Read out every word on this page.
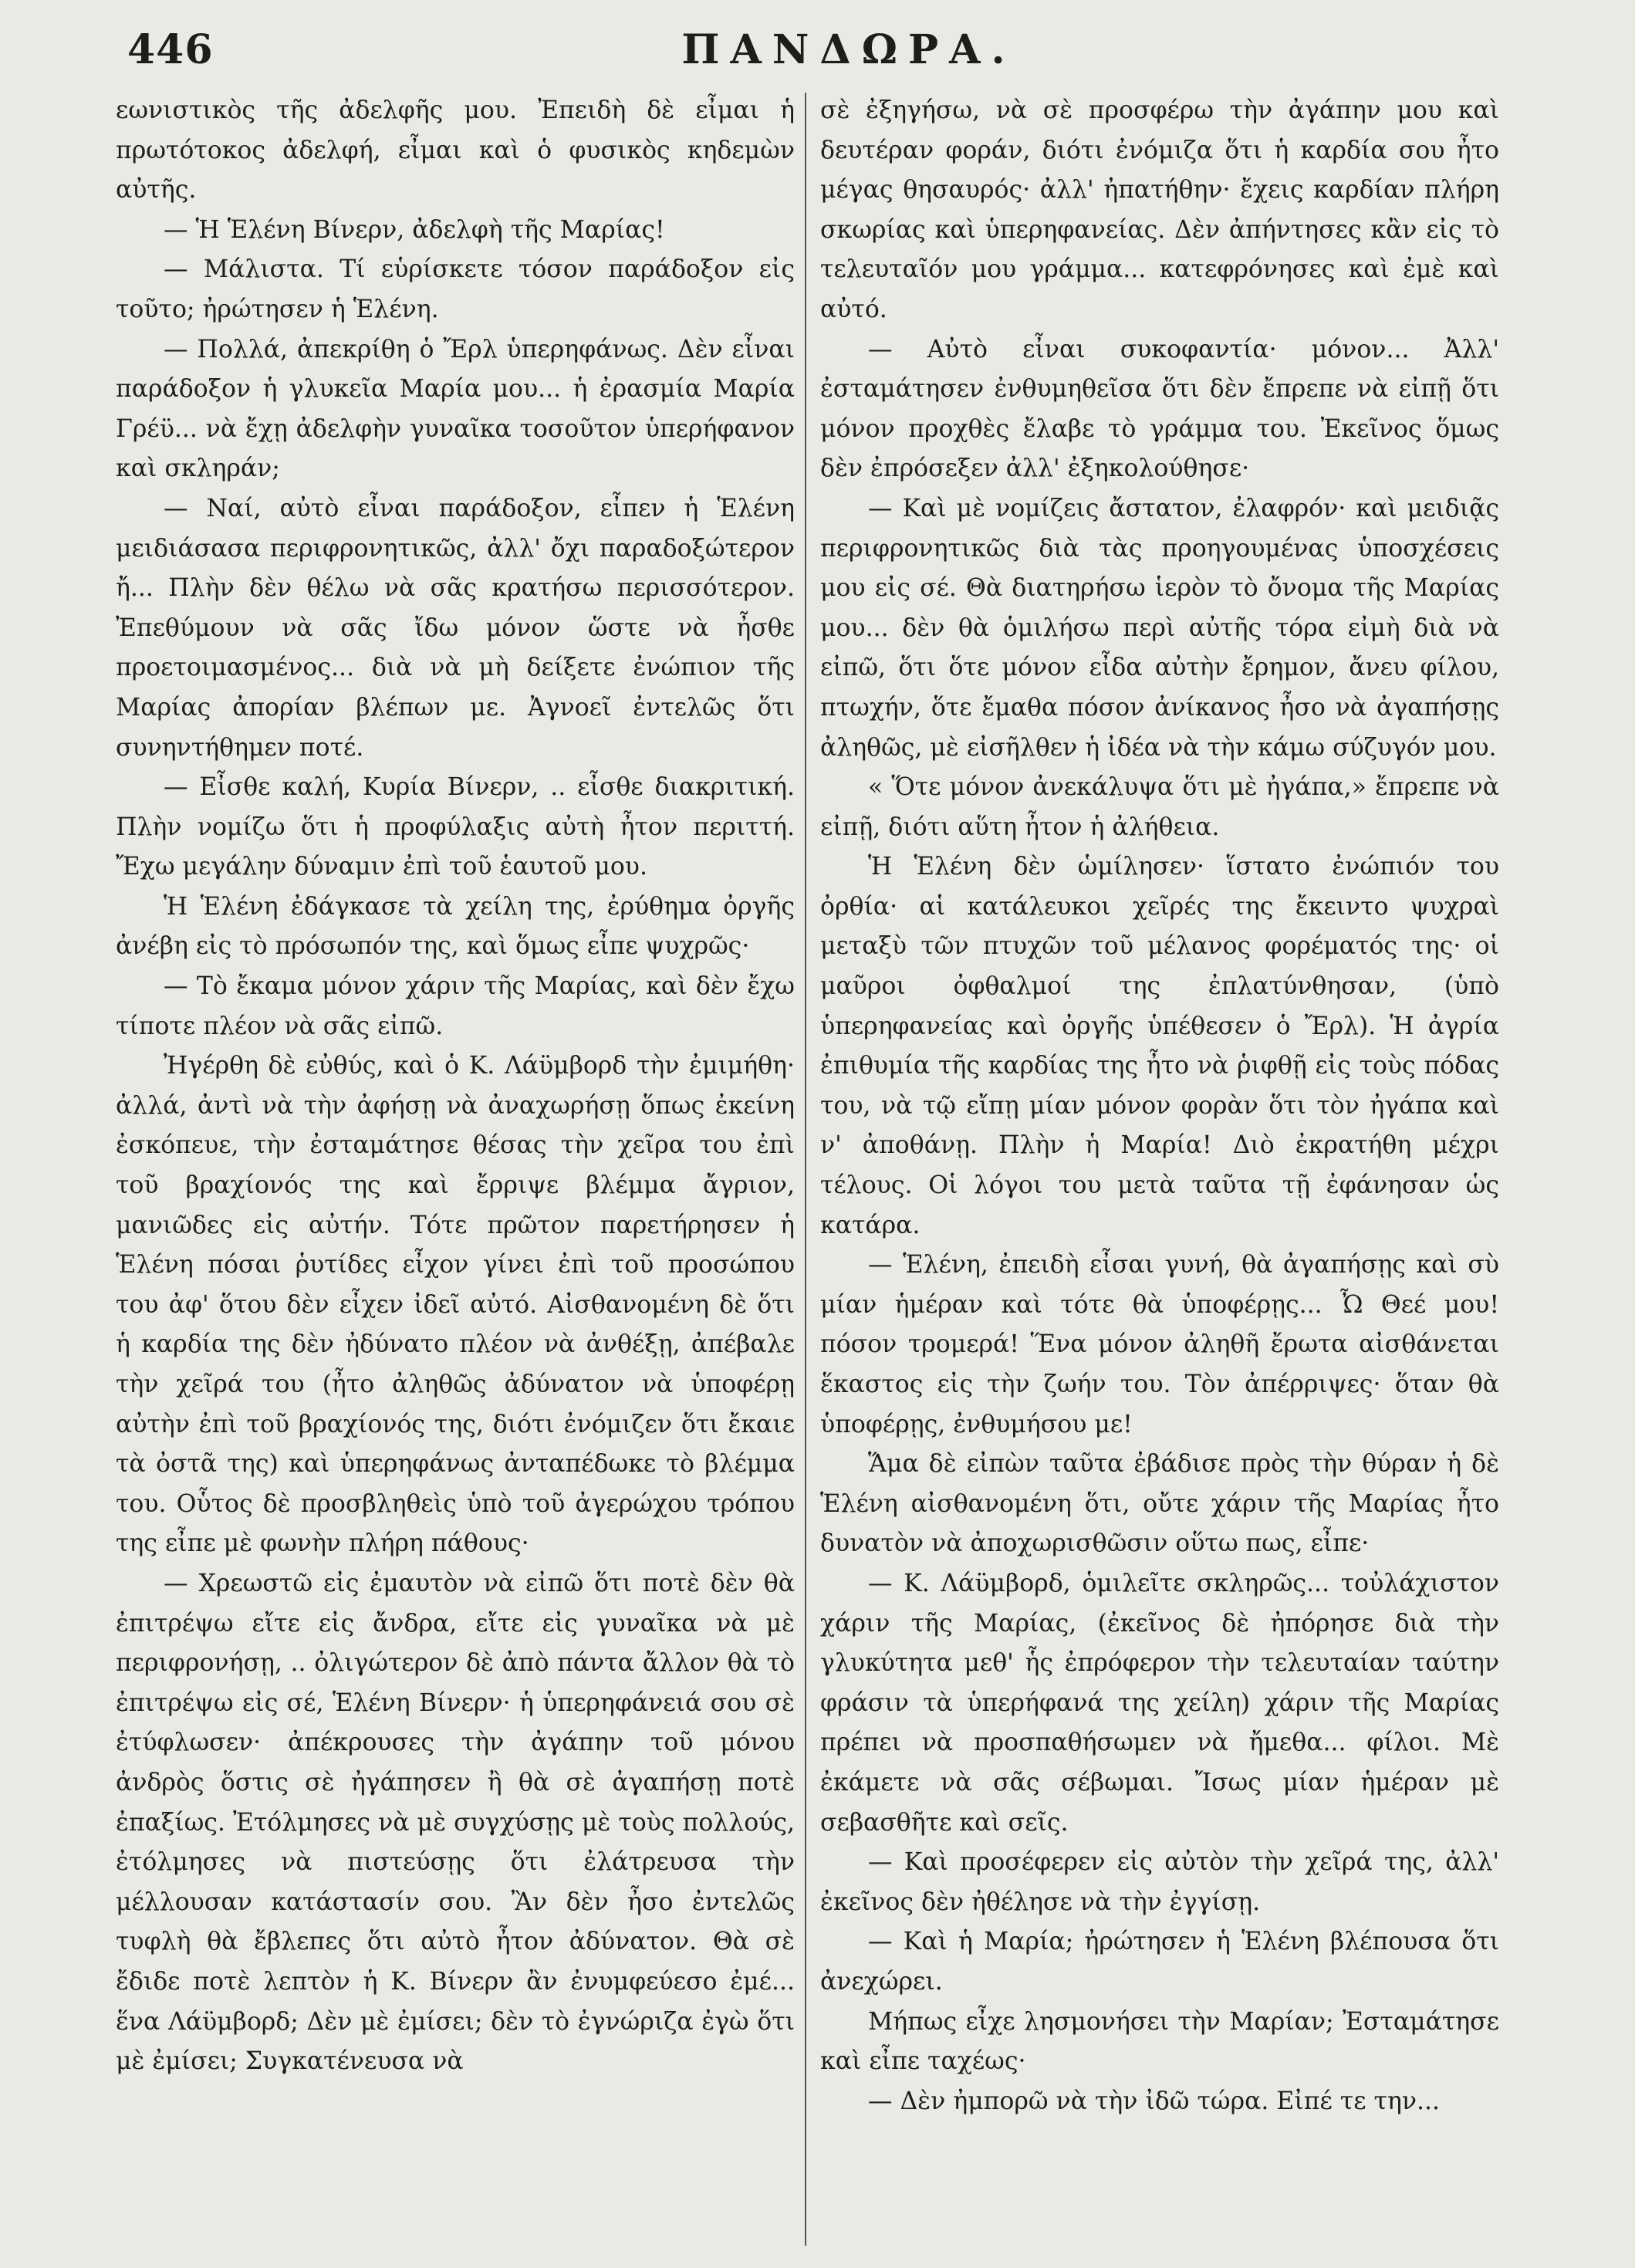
446	ΠΑΝΔΩΡΑ.

εωνιστικὸς τῆς ἀδελφῆς μου. Ἐπειδὴ δὲ εἶμαι ἡ πρωτότοκος ἀδελφή, εἶμαι καὶ ὁ φυσικὸς κηδεμὼν αὐτῆς.

— Ἡ Ἑλένη Βίνερν, ἀδελφὴ τῆς Μαρίας!

— Μάλιστα. Τί εὑρίσκετε τόσον παράδοξον εἰς τοῦτο; ἠρώτησεν ἡ Ἑλένη.

— Πολλά, ἀπεκρίθη ὁ Ἔρλ ὑπερηφάνως. Δὲν εἶναι παράδοξον ἡ γλυκεῖα Μαρία μου... ἡ ἐρασμία Μαρία Γρέϋ... νὰ ἔχῃ ἀδελφὴν γυναῖκα τοσοῦτον ὑπερήφανον καὶ σκληράν;

— Ναί, αὐτὸ εἶναι παράδοξον, εἶπεν ἡ Ἑλένη μειδιάσασα περιφρονητικῶς, ἀλλ' ὄχι παραδοξώτερον ἤ... Πλὴν δὲν θέλω νὰ σᾶς κρατήσω περισσότερον. Ἐπεθύμουν νὰ σᾶς ἴδω μόνον ὥστε νὰ ἦσθε προετοιμασμένος... διὰ νὰ μὴ δείξετε ἐνώπιον τῆς Μαρίας ἀπορίαν βλέπων με. Ἀγνοεῖ ἐντελῶς ὅτι συνηντήθημεν ποτέ.

— Εἶσθε καλή, Κυρία Βίνερν, .. εἶσθε διακριτική. Πλὴν νομίζω ὅτι ἡ προφύλαξις αὐτὴ ἦτον περιττή. Ἔχω μεγάλην δύναμιν ἐπὶ τοῦ ἑαυτοῦ μου.

Ἡ Ἑλένη ἐδάγκασε τὰ χείλη της, ἐρύθημα ὀργῆς ἀνέβη εἰς τὸ πρόσωπόν της, καὶ ὅμως εἶπε ψυχρῶς·

— Τὸ ἔκαμα μόνον χάριν τῆς Μαρίας, καὶ δὲν ἔχω τίποτε πλέον νὰ σᾶς εἰπῶ.

Ἠγέρθη δὲ εὐθύς, καὶ ὁ Κ. Λάϋμβορδ τὴν ἐμιμήθη· ἀλλά, ἀντὶ νὰ τὴν ἀφήσῃ νὰ ἀναχωρήσῃ ὅπως ἐκείνη ἐσκόπευε, τὴν ἐσταμάτησε θέσας τὴν χεῖρα του ἐπὶ τοῦ βραχίονός της καὶ ἔρριψε βλέμμα ἄγριον, μανιῶδες εἰς αὐτήν. Τότε πρῶτον παρετήρησεν ἡ Ἑλένη πόσαι ῥυτίδες εἶχον γίνει ἐπὶ τοῦ προσώπου του ἀφ' ὅτου δὲν εἶχεν ἰδεῖ αὐτό. Αἰσθανομένη δὲ ὅτι ἡ καρδία της δὲν ἠδύνατο πλέον νὰ ἀνθέξῃ, ἀπέβαλε τὴν χεῖρά του (ἦτο ἀληθῶς ἀδύνατον νὰ ὑποφέρῃ αὐτὴν ἐπὶ τοῦ βραχίονός της, διότι ἐνόμιζεν ὅτι ἔκαιε τὰ ὀστᾶ της) καὶ ὑπερηφάνως ἀνταπέδωκε τὸ βλέμμα του. Οὗτος δὲ προσβληθεὶς ὑπὸ τοῦ ἀγερώχου τρόπου της εἶπε μὲ φωνὴν πλήρη πάθους·

— Χρεωστῶ εἰς ἐμαυτὸν νὰ εἰπῶ ὅτι ποτὲ δὲν θὰ ἐπιτρέψω εἴτε εἰς ἄνδρα, εἴτε εἰς γυναῖκα νὰ μὲ περιφρονήσῃ, .. ὀλιγώτερον δὲ ἀπὸ πάντα ἄλλον θὰ τὸ ἐπιτρέψω εἰς σέ, Ἑλένη Βίνερν· ἡ ὑπερηφάνειά σου σὲ ἐτύφλωσεν· ἀπέκρουσες τὴν ἀγάπην τοῦ μόνου ἀνδρὸς ὅστις σὲ ἠγάπησεν ἢ θὰ σὲ ἀγαπήσῃ ποτὲ ἐπαξίως. Ἐτόλμησες νὰ μὲ συγχύσῃς μὲ τοὺς πολλούς, ἐτόλμησες νὰ πιστεύσῃς ὅτι ἐλάτρευσα τὴν μέλλουσαν κατάστασίν σου. Ἂν δὲν ἦσο ἐντελῶς τυφλὴ θὰ ἔβλεπες ὅτι αὐτὸ ἦτον ἀδύνατον. Θὰ σὲ ἔδιδε ποτὲ λεπτὸν ἡ Κ. Βίνερν ἂν ἐνυμφεύεσο ἐμέ... ἕνα Λάϋμβορδ; Δὲν μὲ ἐμίσει; δὲν τὸ ἐγνώριζα ἐγὼ ὅτι μὲ ἐμίσει; Συγκατένευσα νὰ

σὲ ἐξηγήσω, νὰ σὲ προσφέρω τὴν ἀγάπην μου καὶ δευτέραν φοράν, διότι ἐνόμιζα ὅτι ἡ καρδία σου ἦτο μέγας θησαυρός· ἀλλ' ἠπατήθην· ἔχεις καρδίαν πλήρη σκωρίας καὶ ὑπερηφανείας. Δὲν ἀπήντησες κἂν εἰς τὸ τελευταῖόν μου γράμμα... κατεφρόνησες καὶ ἐμὲ καὶ αὐτό.

— Αὐτὸ εἶναι συκοφαντία· μόνον... Ἀλλ' ἐσταμάτησεν ἐνθυμηθεῖσα ὅτι δὲν ἔπρεπε νὰ εἰπῇ ὅτι μόνον προχθὲς ἔλαβε τὸ γράμμα του. Ἐκεῖνος ὅμως δὲν ἐπρόσεξεν ἀλλ' ἐξηκολούθησε·

— Καὶ μὲ νομίζεις ἄστατον, ἐλαφρόν· καὶ μειδιᾷς περιφρονητικῶς διὰ τὰς προηγουμένας ὑποσχέσεις μου εἰς σέ. Θὰ διατηρήσω ἱερὸν τὸ ὄνομα τῆς Μαρίας μου... δὲν θὰ ὁμιλήσω περὶ αὐτῆς τόρα εἰμὴ διὰ νὰ εἰπῶ, ὅτι ὅτε μόνον εἶδα αὐτὴν ἔρημον, ἄνευ φίλου, πτωχήν, ὅτε ἔμαθα πόσον ἀνίκανος ἦσο νὰ ἀγαπήσῃς ἀληθῶς, μὲ εἰσῆλθεν ἡ ἰδέα νὰ τὴν κάμω σύζυγόν μου.

« Ὅτε μόνον ἀνεκάλυψα ὅτι μὲ ἠγάπα,» ἔπρεπε νὰ εἰπῇ, διότι αὕτη ἦτον ἡ ἀλήθεια.

Ἡ Ἑλένη δὲν ὡμίλησεν· ἵστατο ἐνώπιόν του ὀρθία· αἱ κατάλευκοι χεῖρές της ἔκειντο ψυχραὶ μεταξὺ τῶν πτυχῶν τοῦ μέλανος φορέματός της· οἱ μαῦροι ὀφθαλμοί της ἐπλατύνθησαν, (ὑπὸ ὑπερηφανείας καὶ ὀργῆς ὑπέθεσεν ὁ Ἔρλ). Ἡ ἀγρία ἐπιθυμία τῆς καρδίας της ἦτο νὰ ῥιφθῇ εἰς τοὺς πόδας του, νὰ τῷ εἴπῃ μίαν μόνον φορὰν ὅτι τὸν ἠγάπα καὶ ν' ἀποθάνῃ. Πλὴν ἡ Μαρία! Διὸ ἐκρατήθη μέχρι τέλους. Οἱ λόγοι του μετὰ ταῦτα τῇ ἐφάνησαν ὡς κατάρα.

— Ἑλένη, ἐπειδὴ εἶσαι γυνή, θὰ ἀγαπήσῃς καὶ σὺ μίαν ἡμέραν καὶ τότε θὰ ὑποφέρῃς... Ὦ Θεέ μου! πόσον τρομερά! Ἕνα μόνον ἀληθῆ ἔρωτα αἰσθάνεται ἕκαστος εἰς τὴν ζωήν του. Τὸν ἀπέρριψες· ὅταν θὰ ὑποφέρῃς, ἐνθυμήσου με!

Ἅμα δὲ εἰπὼν ταῦτα ἐβάδισε πρὸς τὴν θύραν ἡ δὲ Ἑλένη αἰσθανομένη ὅτι, οὔτε χάριν τῆς Μαρίας ἦτο δυνατὸν νὰ ἀποχωρισθῶσιν οὕτω πως, εἶπε·

— Κ. Λάϋμβορδ, ὁμιλεῖτε σκληρῶς... τοὐλάχιστον χάριν τῆς Μαρίας, (ἐκεῖνος δὲ ἠπόρησε διὰ τὴν γλυκύτητα μεθ' ἧς ἐπρόφερον τὴν τελευταίαν ταύτην φράσιν τὰ ὑπερήφανά της χείλη) χάριν τῆς Μαρίας πρέπει νὰ προσπαθήσωμεν νὰ ἤμεθα... φίλοι. Μὲ ἐκάμετε νὰ σᾶς σέβωμαι. Ἴσως μίαν ἡμέραν μὲ σεβασθῆτε καὶ σεῖς.

— Καὶ προσέφερεν εἰς αὐτὸν τὴν χεῖρά της, ἀλλ' ἐκεῖνος δὲν ἠθέλησε νὰ τὴν ἐγγίσῃ.

— Καὶ ἡ Μαρία; ἠρώτησεν ἡ Ἑλένη βλέπουσα ὅτι ἀνεχώρει.

Μήπως εἶχε λησμονήσει τὴν Μαρίαν; Ἐσταμάτησε καὶ εἶπε ταχέως·

— Δὲν ἠμπορῶ νὰ τὴν ἰδῶ τώρα. Εἰπέ τε την...
